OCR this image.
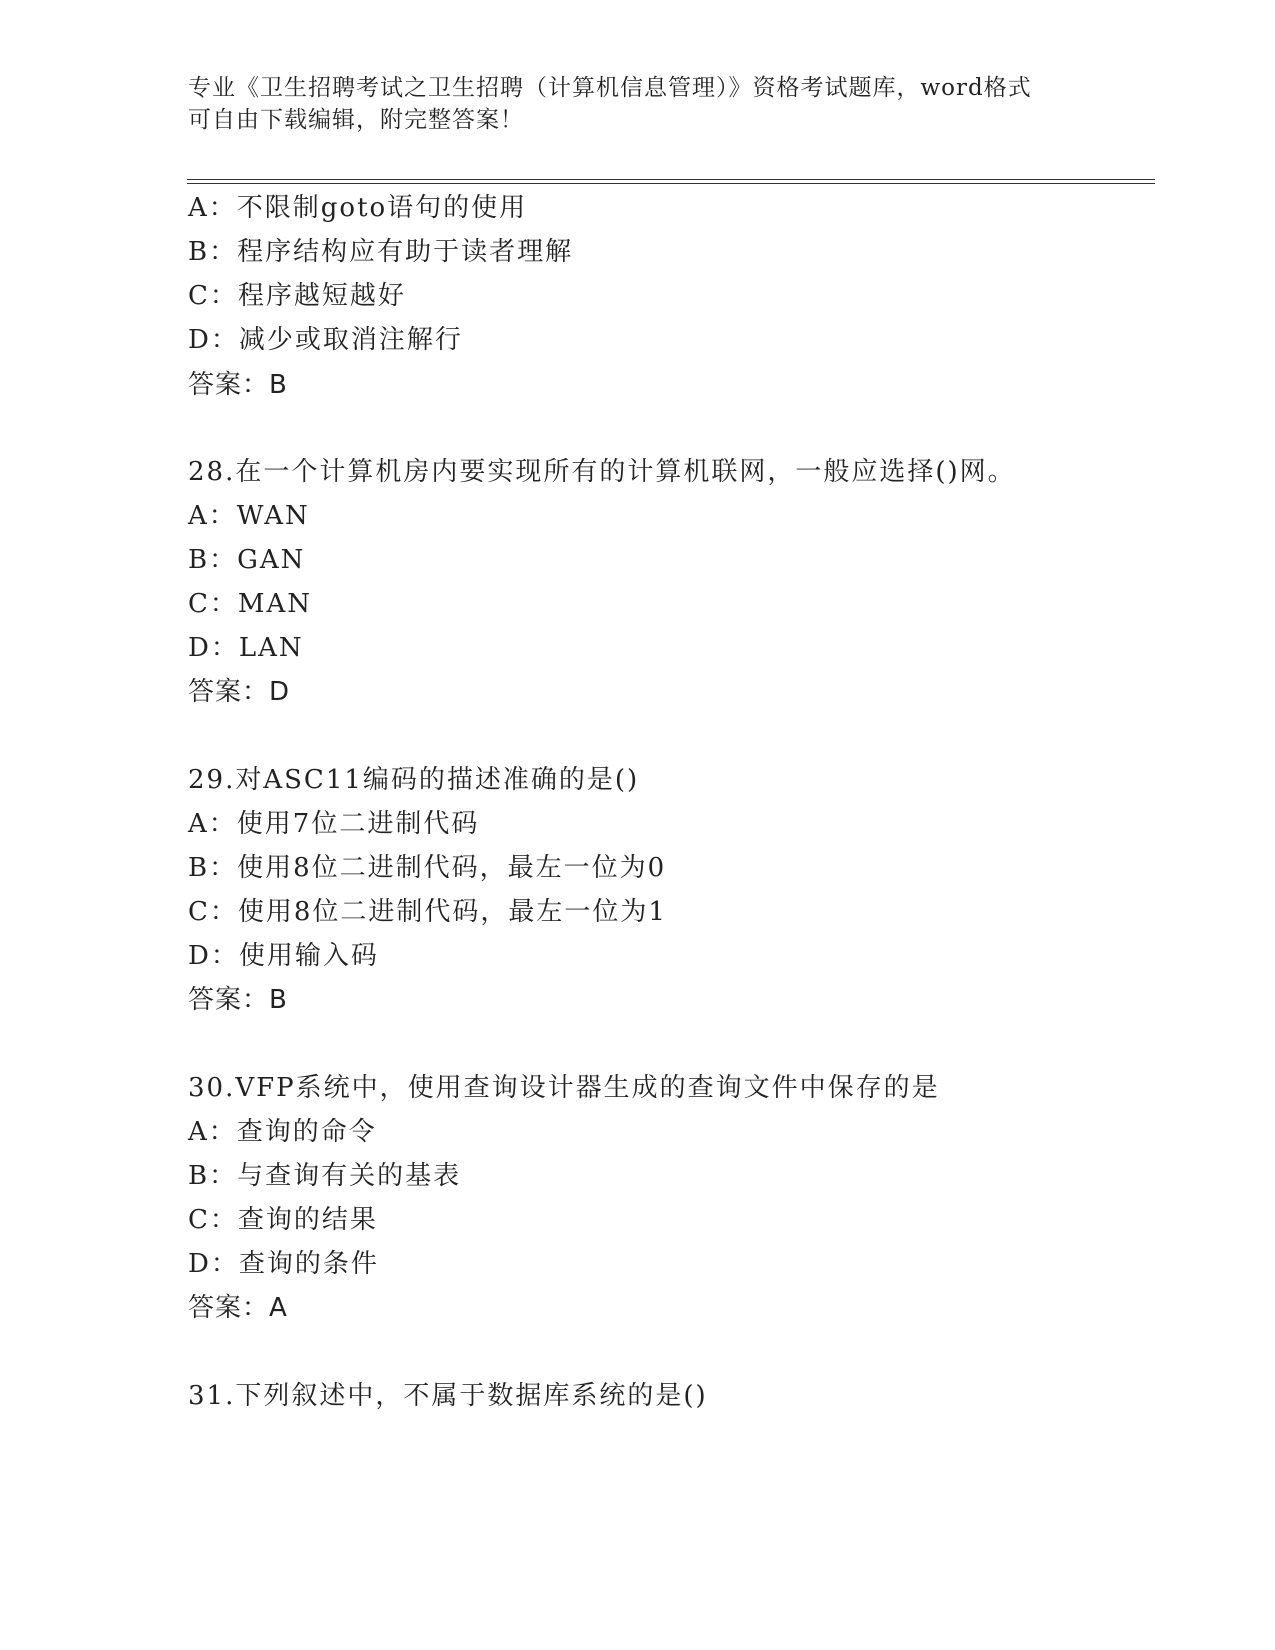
专业《卫生招聘考试之卫生招聘（计算机信息管理）》资格考试题库，word格式
可自由下载编辑，附完整答案！
A：不限制goto语句的使用
B：程序结构应有助于读者理解
C：程序越短越好
D：减少或取消注解行
答案：B
28.在一个计算机房内要实现所有的计算机联网，一般应选择()网。
A：WAN
B：GAN
C：MAN
D：LAN
答案：D
29.对ASC11编码的描述准确的是()
A：使用7位二进制代码
B：使用8位二进制代码，最左一位为0
C：使用8位二进制代码，最左一位为1
D：使用输入码
答案：B
30.VFP系统中，使用查询设计器生成的查询文件中保存的是
A：查询的命令
B：与查询有关的基表
C：查询的结果
D：查询的条件
答案：A
31.下列叙述中，不属于数据库系统的是()
